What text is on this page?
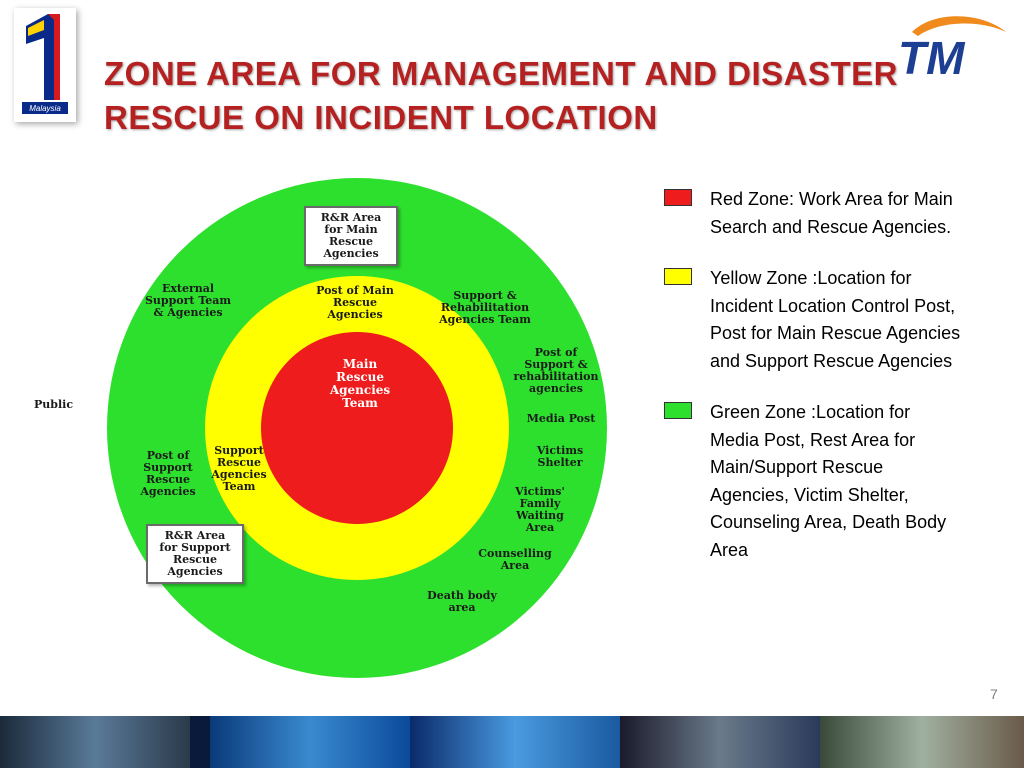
Malaysia
TM
ZONE AREA FOR MANAGEMENT AND DISASTER
RESCUE ON INCIDENT LOCATION
Public
Main
Rescue
Agencies
Team
Post of Main
Rescue
Agencies
Support
Rescue
Agencies
Team
External
Support Team
& Agencies
Support &
Rehabilitation
Agencies Team
Post of
Support &
rehabilitation
agencies
Media Post
Victims
Shelter
Victims'
Family
Waiting
Area
Counselling
Area
Death body
area
Post of
Support
Rescue
Agencies
R&R Area
for Main
Rescue
Agencies
R&R Area
for Support
Rescue
Agencies
Red Zone: Work Area for Main Search and Rescue Agencies.
Yellow Zone :Location for Incident Location Control Post, Post for Main Rescue Agencies and Support Rescue Agencies
Green Zone :Location for Media Post, Rest Area for Main/Support Rescue Agencies, Victim Shelter, Counseling Area, Death Body Area
7
